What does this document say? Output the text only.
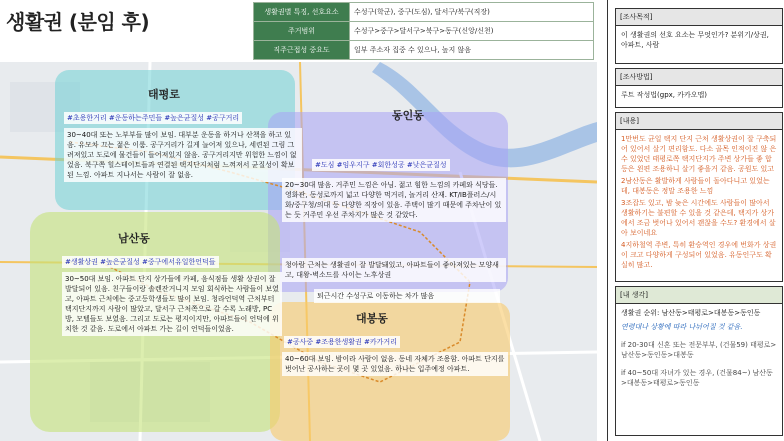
생활권 (분임 후)	생활권별 특징, 선호요소	수성구(학군), 중구(도심), 달서구/북구(직장)
주거범위	수성구>중구>달서구>북구>동구(신앙/신천)
직주근접성 중요도	일부 주소자 집중 수 있으나, 높지 않음
태평로
#초용한거리 #운동하는주민들 #높은균질성 #공구거리
30~40대 또는 노부부들 많이 보임. 대부분 운동을 하거나 산책을 하고 있음. 유모차 끄는 젊은 이룸. 공구거리가 길게 늘어져 있으나, 세련된 그림 그려져있고 도로에 물건들이 들어져있지 않음. 공구거리지만 위험한 느낌이 없었음. 북구쪽 힐스테이트들과 연결된 택지단지처럼 느껴져서 균질성이 확보된 느낌. 아파트 지나서는 사람이 잘 없음.
동인동
#도심 #임우지구 #회한성공 #낮은균질성
20~30대 많음. 거주민 느낌은 아님. 젊고 힘한 느낌의 카페와 식당들. 영화관, 동성로까지 넓고 다양한 먹거리, 놀거리 산재. KT/IB플러스/시화/중구청/의대 등 다양한 직장이 있음. 주택이 많기 때문에 주차난이 있는 듯 거주민 우선 주차지가 많은 것 같았다.
청아람 근처는 생활권이 잘 발달돼있고, 아파트들이 좋아져있는 모양새고, 대왕-벽소드를 사이는 노후상권
퇴근시간 수성구로 이동하는 차가 많음
남산동
#생활상권 #높은균질성 #중구에서유일한언덕들
30~50대 보임. 아파트 단지 상가들에 카페, 음식점들 생활 상권이 잘 발달되어 있음. 친구들이랑 솔렌잔거니지 모임 회식하는 사람들이 보였고, 아파트 근처에는 중고등학생들도 많이 보임. 청라언덕역 근처부터 택지단지까지 사람이 많았고, 달서구 근처쪽으로 갈 수록 노래방, PC방, 모텔들도 보였음. 그리고 도로는 평지이지만, 아파트들이 언덕에 위치한 것 같음. 도로에서 아파트 가는 길이 언덕들이었음.
대봉동
#공사중 #조용한생활권 #카가거리
40~60대 보임. 밤이라 사람이 없음. 동네 자체가 조용함. 아파트 단지를 벗어난 공사하는 곳이 몇 곳 있었음. 하나는 입주예정 아파트.
[조사목적]
이 생활권의 선호 요소는 무엇인가? 분위기/상권, 아파트, 사람
[조사방법]
루트 작성법(gpx, 카카오맵)
[내용]
1만번도 균일 택지 단지 근처 생활상권이 잘 구축되어 있어서 살기 편리함도. 다소 골목 인적이진 않 은 수 있었던 태평로쪽 택지단지가 주변 상가들 좋 합등은 왼편 조용하니 살기 좋을거 같음. 공원도 있고
2남산동은 활발하게 사람들이 돌아다니고 있었는데, 대봉동은 정말 조용한 느낌
3조잡도 있고, 밤 늦은 시간에도 사람들이 많아서 생활하기는 불편할 수 있을 것 같은데, 택지가 상가에서 조금 벗어나 있어서 괜찮을 수도? 환경에서 살아 보이네요
4지하철역 주변, 특히 환승역인 경우에 번화가 상권이 크고 다양하게 구성되어 있었음. 유동인구도 확실히 많고.
[내 생각]
생활권 순위: 남산동>태평로>대봉동>동인동
연령대나 상황에 따라 나뉘어질 것 같음.
if 20-30대 신혼 또는 전문부부, (건물59) 태평로>남산동>동인동>대봉동
if 40~50대 자녀가 있는 경우, (건물84~) 남산동>대봉동>태평로>동인동
